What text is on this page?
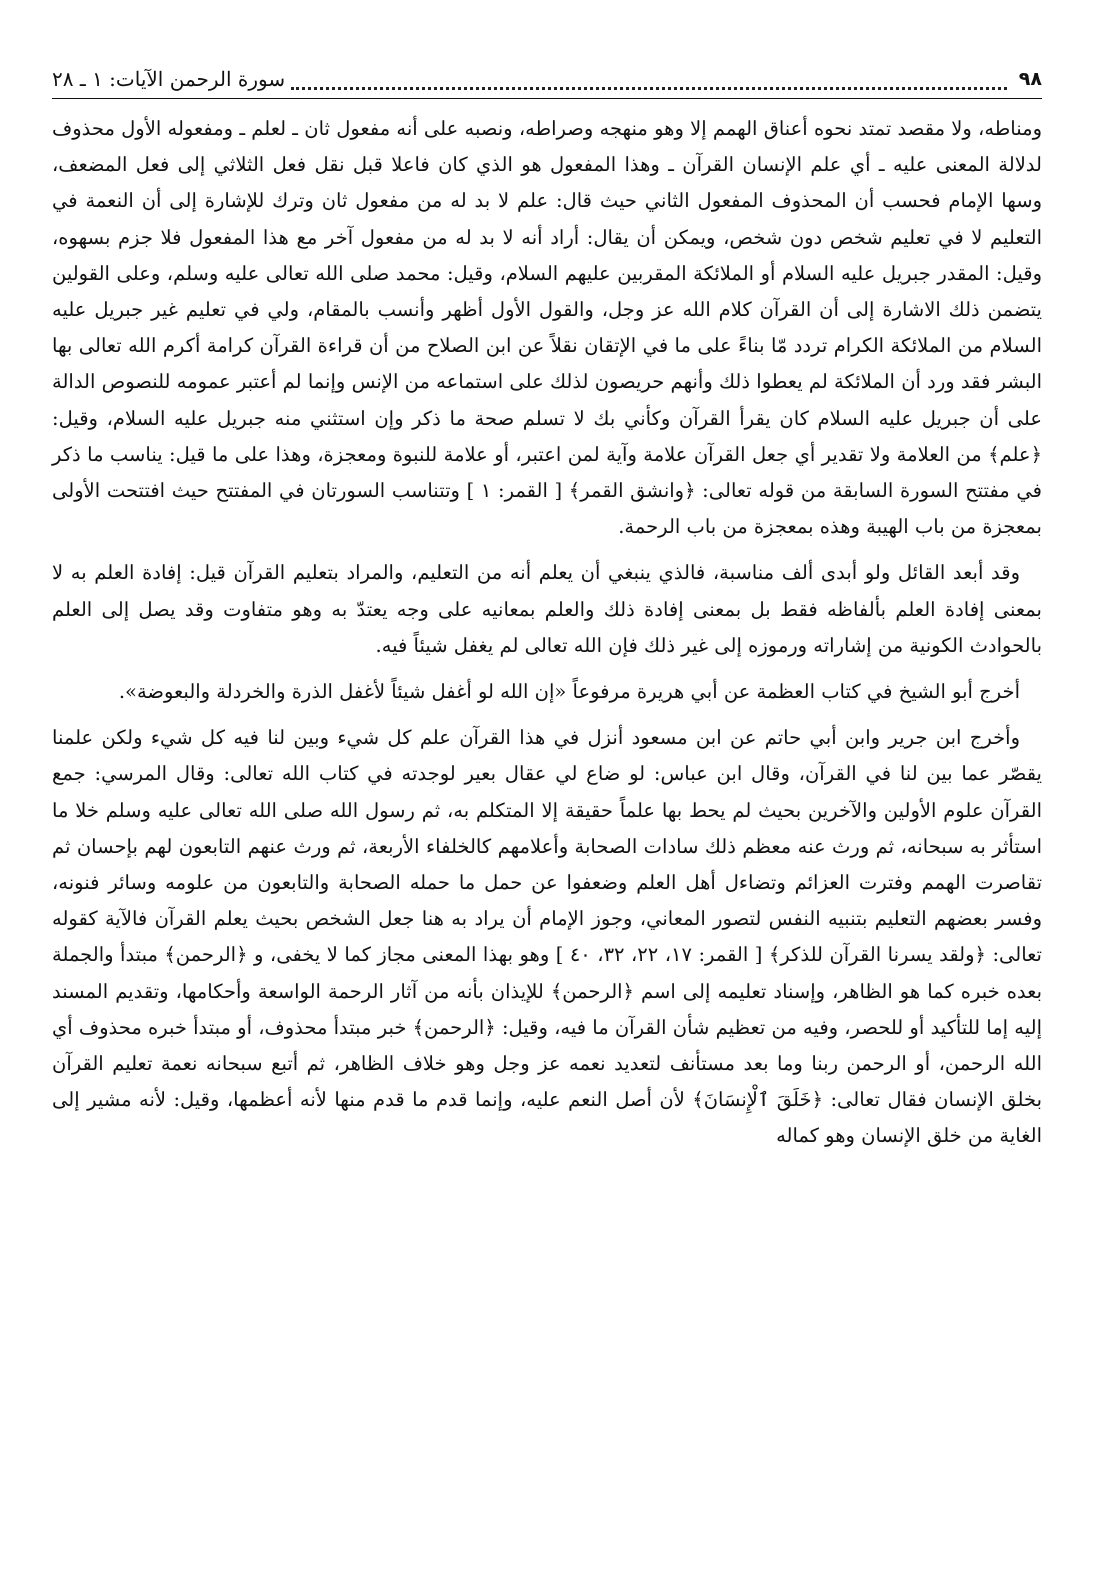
٩٨
سورة الرحمن الآيات: ١ ـ ٢٨

ومناطه، ولا مقصد تمتد نحوه أعناق الهمم إلا وهو منهجه وصراطه، ونصبه على أنه مفعول ثان ـ لعلم ـ ومفعوله الأول محذوف لدلالة المعنى عليه ـ أي علم الإنسان القرآن ـ وهذا المفعول هو الذي كان فاعلا قبل نقل فعل الثلاثي إلى فعل المضعف، وسها الإمام فحسب أن المحذوف المفعول الثاني حيث قال: علم لا بد له من مفعول ثان وترك للإشارة إلى أن النعمة في التعليم لا في تعليم شخص دون شخص، ويمكن أن يقال: أراد أنه لا بد له من مفعول آخر مع هذا المفعول فلا جزم بسهوه، وقيل: المقدر جبريل عليه السلام أو الملائكة المقربين عليهم السلام، وقيل: محمد صلى الله تعالى عليه وسلم، وعلى القولين يتضمن ذلك الاشارة إلى أن القرآن كلام الله عز وجل، والقول الأول أظهر وأنسب بالمقام، ولي في تعليم غير جبريل عليه السلام من الملائكة الكرام تردد مّا بناءً على ما في الإتقان نقلاً عن ابن الصلاح من أن قراءة القرآن كرامة أكرم الله تعالى بها البشر فقد ورد أن الملائكة لم يعطوا ذلك وأنهم حريصون لذلك على استماعه من الإنس وإنما لم أعتبر عمومه للنصوص الدالة على أن جبريل عليه السلام كان يقرأ القرآن وكأني بك لا تسلم صحة ما ذكر وإن استثني منه جبريل عليه السلام، وقيل: ﴿علم﴾ من العلامة ولا تقدير أي جعل القرآن علامة وآية لمن اعتبر، أو علامة للنبوة ومعجزة، وهذا على ما قيل: يناسب ما ذكر في مفتتح السورة السابقة من قوله تعالى: ﴿وانشق القمر﴾ [ القمر: ١ ] وتتناسب السورتان في المفتتح حيث افتتحت الأولى بمعجزة من باب الهيبة وهذه بمعجزة من باب الرحمة.

وقد أبعد القائل ولو أبدى ألف مناسبة، فالذي ينبغي أن يعلم أنه من التعليم، والمراد بتعليم القرآن قيل: إفادة العلم به لا بمعنى إفادة العلم بألفاظه فقط بل بمعنى إفادة ذلك والعلم بمعانيه على وجه يعتدّ به وهو متفاوت وقد يصل إلى العلم بالحوادث الكونية من إشاراته ورموزه إلى غير ذلك فإن الله تعالى لم يغفل شيئاً فيه.

أخرج أبو الشيخ في كتاب العظمة عن أبي هريرة مرفوعاً «إن الله لو أغفل شيئاً لأغفل الذرة والخردلة والبعوضة».

وأخرج ابن جرير وابن أبي حاتم عن ابن مسعود أنزل في هذا القرآن علم كل شيء وبين لنا فيه كل شيء ولكن علمنا يقصّر عما بين لنا في القرآن، وقال ابن عباس: لو ضاع لي عقال بعير لوجدته في كتاب الله تعالى: وقال المرسي: جمع القرآن علوم الأولين والآخرين بحيث لم يحط بها علماً حقيقة إلا المتكلم به، ثم رسول الله صلى الله تعالى عليه وسلم خلا ما استأثر به سبحانه، ثم ورث عنه معظم ذلك سادات الصحابة وأعلامهم كالخلفاء الأربعة، ثم ورث عنهم التابعون لهم بإحسان ثم تقاصرت الهمم وفترت العزائم وتضاءل أهل العلم وضعفوا عن حمل ما حمله الصحابة والتابعون من علومه وسائر فنونه، وفسر بعضهم التعليم بتنبيه النفس لتصور المعاني، وجوز الإمام أن يراد به هنا جعل الشخص بحيث يعلم القرآن فالآية كقوله تعالى: ﴿ولقد يسرنا القرآن للذكر﴾ [ القمر: ١٧، ٢٢، ٣٢، ٤٠ ] وهو بهذا المعنى مجاز كما لا يخفى، و ﴿الرحمن﴾ مبتدأ والجملة بعده خبره كما هو الظاهر، وإسناد تعليمه إلى اسم ﴿الرحمن﴾ للإيذان بأنه من آثار الرحمة الواسعة وأحكامها، وتقديم المسند إليه إما للتأكيد أو للحصر، وفيه من تعظيم شأن القرآن ما فيه، وقيل: ﴿الرحمن﴾ خبر مبتدأ محذوف، أو مبتدأ خبره محذوف أي الله الرحمن، أو الرحمن ربنا وما بعد مستأنف لتعديد نعمه عز وجل وهو خلاف الظاهر، ثم أتبع سبحانه نعمة تعليم القرآن بخلق الإنسان فقال تعالى: ﴿خَلَقَ ٱلْإِنسَانَ﴾ لأن أصل النعم عليه، وإنما قدم ما قدم منها لأنه أعظمها، وقيل: لأنه مشير إلى الغاية من خلق الإنسان وهو كماله
